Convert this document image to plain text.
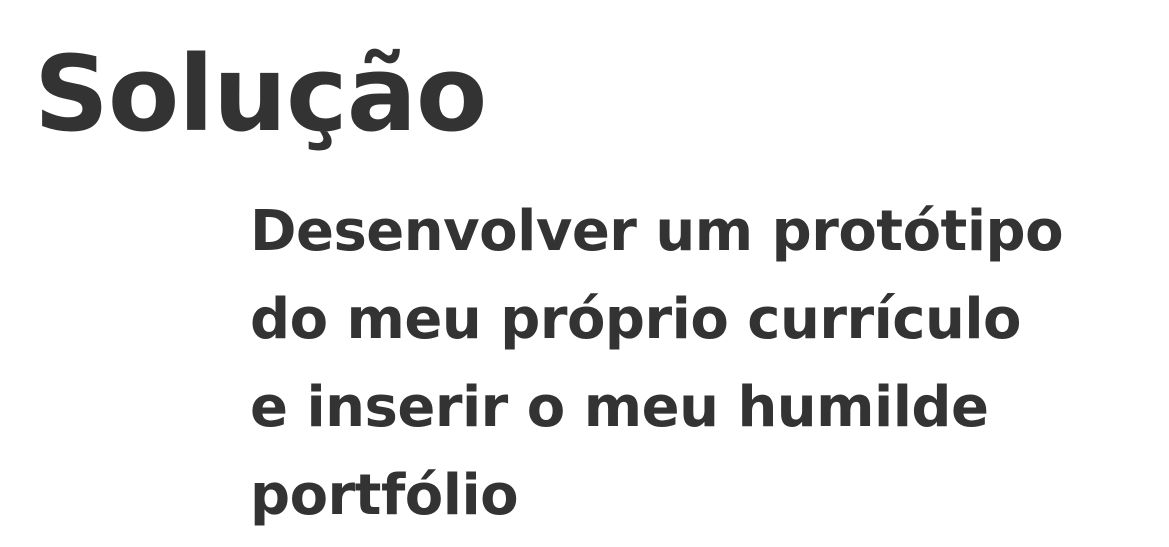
Solução

Desenvolver um protótipo
do meu próprio currículo
e inserir o meu humilde
portfólio
